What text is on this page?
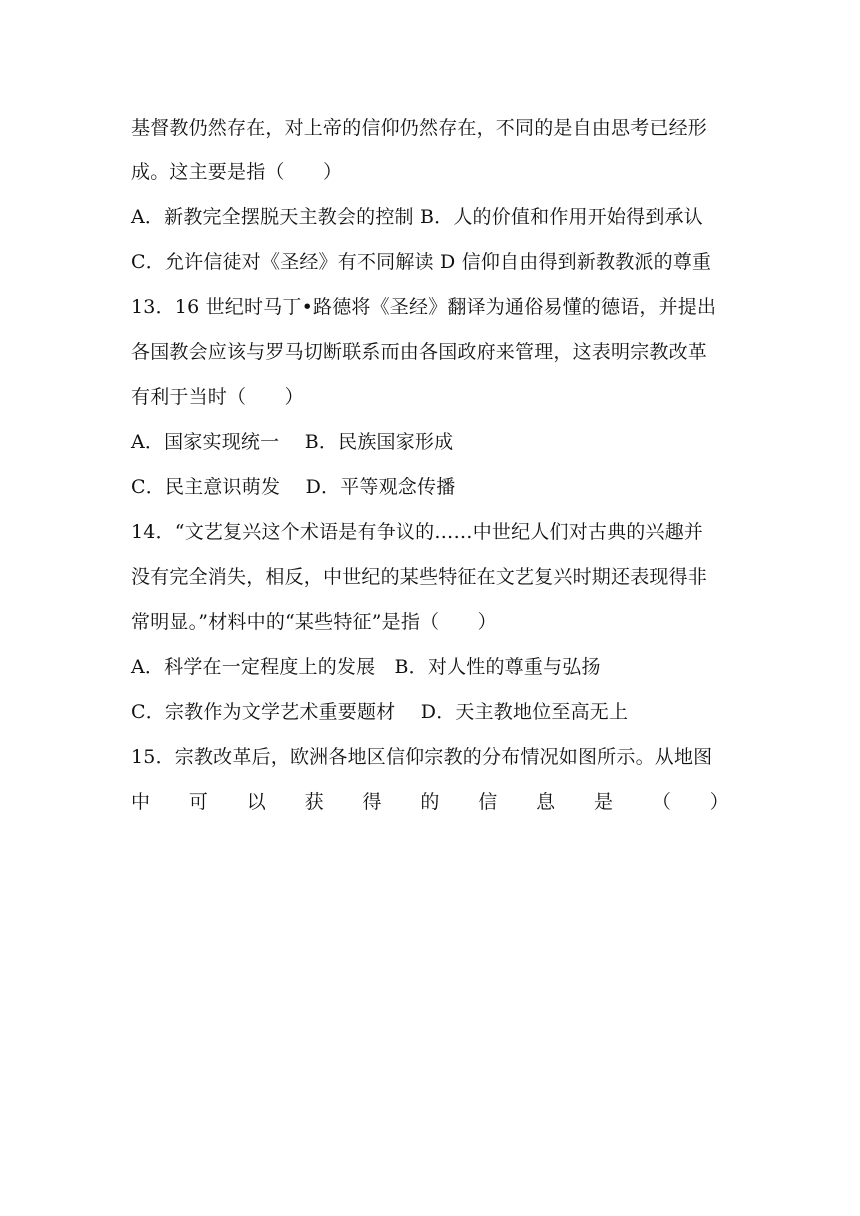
基督教仍然存在，对上帝的信仰仍然存在，不同的是自由思考已经形
成。这主要是指（　　）
A．新教完全摆脱天主教会的控制 B．人的价值和作用开始得到承认
C．允许信徒对《圣经》有不同解读 D 信仰自由得到新教教派的尊重
13．16 世纪时马丁•路德将《圣经》翻译为通俗易懂的德语，并提出
各国教会应该与罗马切断联系而由各国政府来管理，这表明宗教改革
有利于当时（　　）
A．国家实现统一　 B．民族国家形成
C．民主意识萌发　 D．平等观念传播
14．“文艺复兴这个术语是有争议的……中世纪人们对古典的兴趣并
没有完全消失，相反，中世纪的某些特征在文艺复兴时期还表现得非
常明显。”材料中的“某些特征”是指（　　）
A．科学在一定程度上的发展　B．对人性的尊重与弘扬
C．宗教作为文学艺术重要题材　 D．天主教地位至高无上
15．宗教改革后，欧洲各地区信仰宗教的分布情况如图所示。从地图
中 可 以 获 得 的 信 息 是 （ ）
